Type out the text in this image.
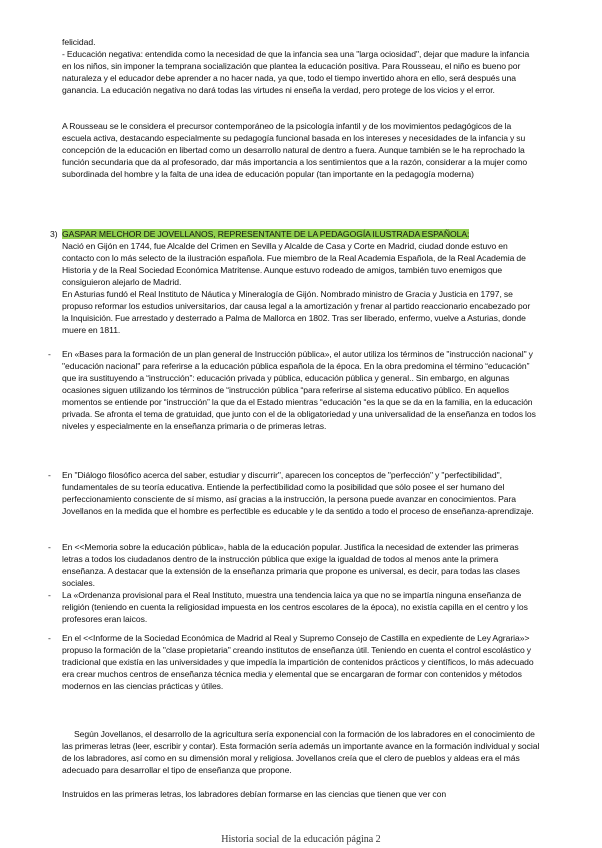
felicidad.

- Educación negativa: entendida como la necesidad de que la infancia sea una "larga ociosidad", dejar que madure la infancia en los niños, sin imponer la temprana socialización que plantea la educación positiva. Para Rousseau, el niño es bueno por naturaleza y el educador debe aprender a no hacer nada, ya que, todo el tiempo invertido ahora en ello, será después una ganancia. La educación negativa no dará todas las virtudes ni enseña la verdad, pero protege de los vicios y el error.

A Rousseau se le considera el precursor contemporáneo de la psicología infantil y de los movimientos pedagógicos de la escuela activa, destacando especialmente su pedagogía funcional basada en los intereses y necesidades de la infancia y su concepción de la educación en libertad como un desarrollo natural de dentro a fuera. Aunque también se le ha reprochado la función secundaria que da al profesorado, dar más importancia a los sentimientos que a la razón, considerar a la mujer como subordinada del hombre y la falta de una idea de educación popular (tan importante en la pedagogía moderna)

3) GASPAR MELCHOR DE JOVELLANOS, REPRESENTANTE DE LA PEDAGOGÍA ILUSTRADA ESPAÑOLA:

Nació en Gijón en 1744, fue Alcalde del Crimen en Sevilla y Alcalde de Casa y Corte en Madrid, ciudad donde estuvo en contacto con lo más selecto de la ilustración española. Fue miembro de la Real Academia Española, de la Real Academia de Historia y de la Real Sociedad Económica Matritense. Aunque estuvo rodeado de amigos, también tuvo enemigos que consiguieron alejarlo de Madrid.

En Asturias fundó el Real Instituto de Náutica y Mineralogía de Gijón. Nombrado ministro de Gracia y Justicia en 1797, se propuso reformar los estudios universitarios, dar causa legal a la amortización y frenar al partido reaccionario encabezado por la Inquisición. Fue arrestado y desterrado a Palma de Mallorca en 1802. Tras ser liberado, enfermo, vuelve a Asturias, donde muere en 1811.

- En «Bases para la formación de un plan general de Instrucción pública», el autor utiliza los términos de "instrucción nacional" y "educación nacional" para referirse a la educación pública española de la época. En la obra predomina el término “educación” que ira sustituyendo a “instrucción”: educación privada y pública, educación pública y general.. Sin embargo, en algunas ocasiones siguen utilizando los términos de “instrucción pública “para referirse al sistema educativo público. En aquellos momentos se entiende por “instrucción” la que da el Estado mientras “educación “es la que se da en la familia, en la educación privada. Se afronta el tema de gratuidad, que junto con el de la obligatoriedad y una universalidad de la enseñanza en todos los niveles y especialmente en la enseñanza primaria o de primeras letras.

- En "Diálogo filosófico acerca del saber, estudiar y discurrir", aparecen los conceptos de "perfección" y "perfectibilidad", fundamentales de su teoría educativa. Entiende la perfectibilidad como la posibilidad que sólo posee el ser humano del perfeccionamiento consciente de sí mismo, así gracias a la instrucción, la persona puede avanzar en conocimientos. Para Jovellanos en la medida que el hombre es perfectible es educable y le da sentido a todo el proceso de enseñanza-aprendizaje.

- En <<Memoria sobre la educación pública», habla de la educación popular. Justifica la necesidad de extender las primeras letras a todos los ciudadanos dentro de la instrucción pública que exige la igualdad de todos al menos ante la primera enseñanza. A destacar que la extensión de la enseñanza primaria que propone es universal, es decir, para todas las clases sociales.

- La «Ordenanza provisional para el Real Instituto, muestra una tendencia laica ya que no se impartía ninguna enseñanza de religión (teniendo en cuenta la religiosidad impuesta en los centros escolares de la época), no existía capilla en el centro y los profesores eran laicos.

- En el <<Informe de la Sociedad Económica de Madrid al Real y Supremo Consejo de Castilla en expediente de Ley Agraria»> propuso la formación de la "clase propietaria" creando institutos de enseñanza útil. Teniendo en cuenta el control escolástico y tradicional que existía en las universidades y que impedía la impartición de contenidos prácticos y científicos, lo más adecuado era crear muchos centros de enseñanza técnica media y elemental que se encargaran de formar con contenidos y métodos modernos en las ciencias prácticas y útiles.

Según Jovellanos, el desarrollo de la agricultura sería exponencial con la formación de los labradores en el conocimiento de las primeras letras (leer, escribir y contar). Esta formación sería además un importante avance en la formación individual y social de los labradores, así como en su dimensión moral y religiosa. Jovellanos creía que el clero de pueblos y aldeas era el más adecuado para desarrollar el tipo de enseñanza que propone.

Instruidos en las primeras letras, los labradores debían formarse en las ciencias que tienen que ver con

Historia social de la educación página 2
